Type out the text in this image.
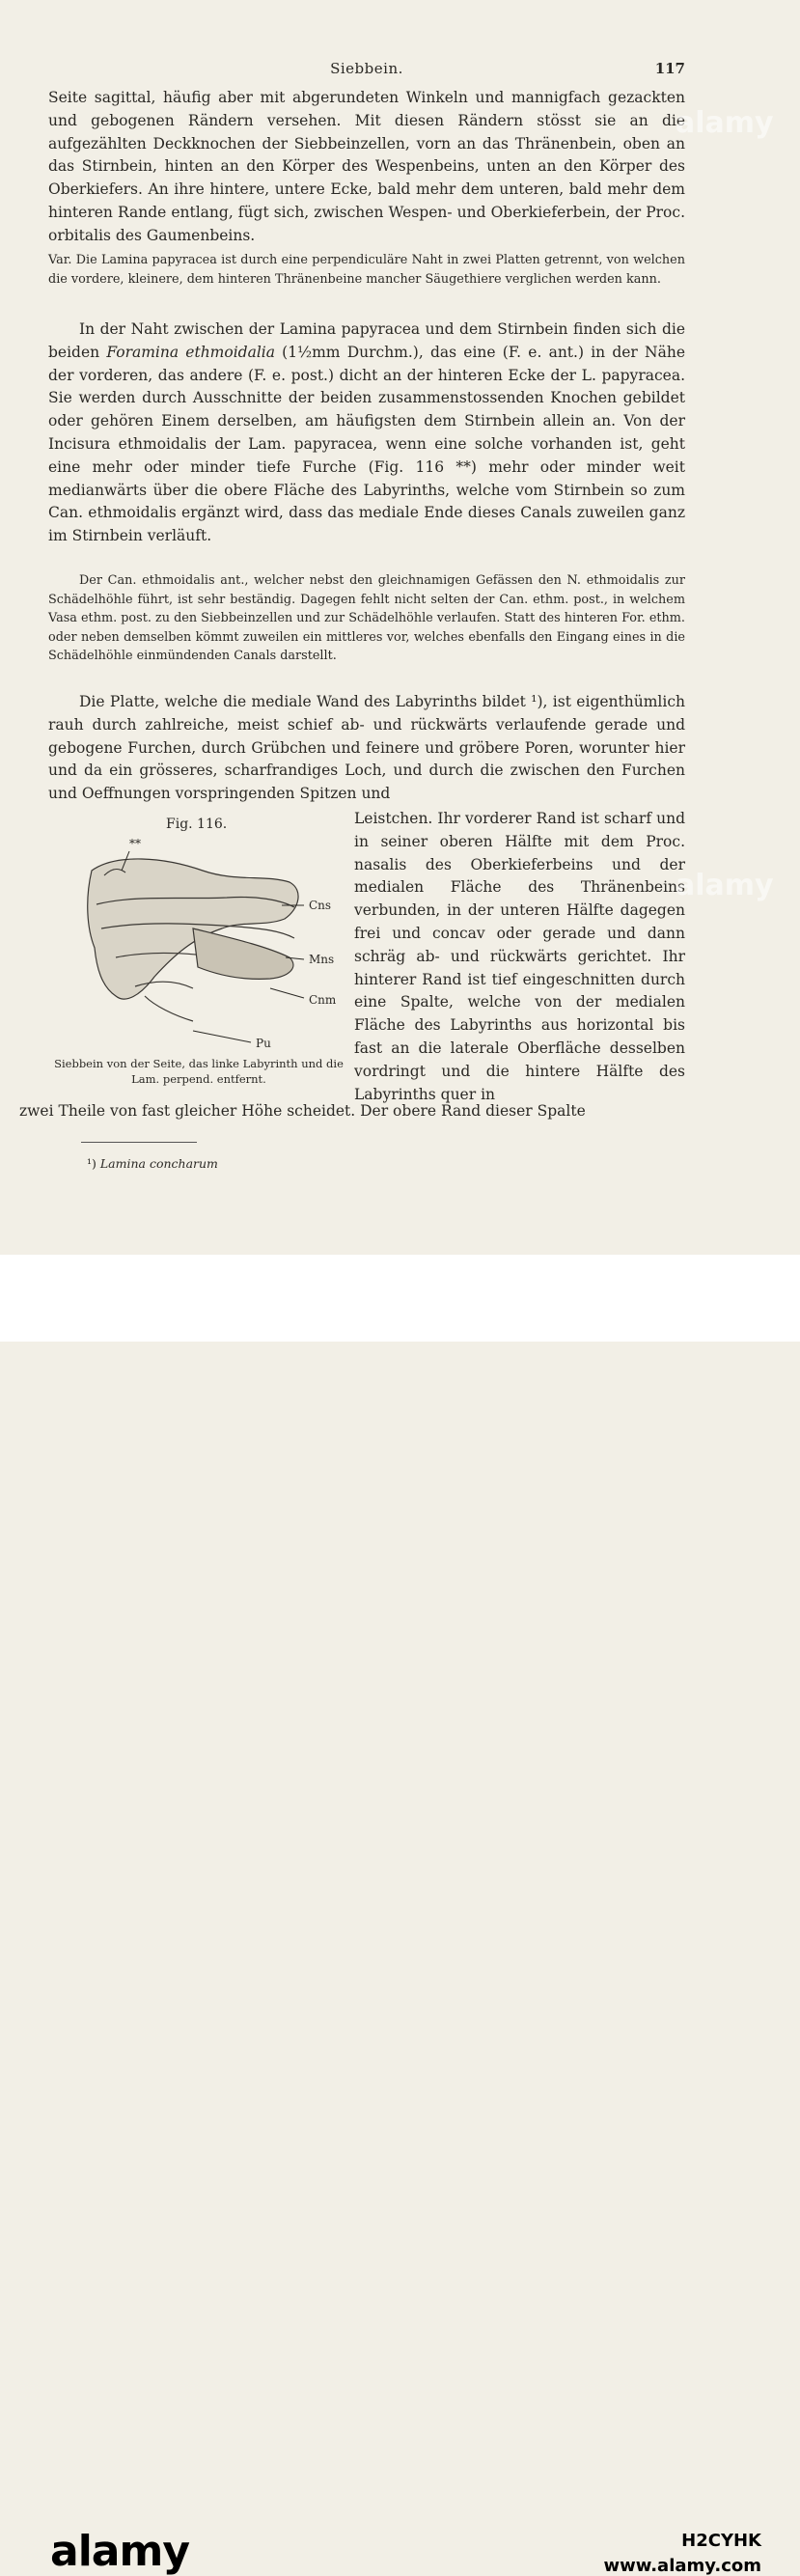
Siebbein.	117
Seite sagittal, häufig aber mit abgerundeten Winkeln und mannigfach gezackten und gebogenen Rändern versehen. Mit diesen Rändern stösst sie an die aufgezählten Deckknochen der Siebbeinzellen, vorn an das Thränenbein, oben an das Stirnbein, hinten an den Körper des Wespenbeins, unten an den Körper des Oberkiefers. An ihre hintere, untere Ecke, bald mehr dem unteren, bald mehr dem hinteren Rande entlang, fügt sich, zwischen Wespen- und Oberkieferbein, der Proc. orbitalis des Gaumenbeins.
Var. Die Lamina papyracea ist durch eine perpendiculäre Naht in zwei Platten getrennt, von welchen die vordere, kleinere, dem hinteren Thränenbeine mancher Säugethiere verglichen werden kann.
In der Naht zwischen der Lamina papyracea und dem Stirnbein finden sich die beiden Foramina ethmoidalia (1½mm Durchm.), das eine (F. e. ant.) in der Nähe der vorderen, das andere (F. e. post.) dicht an der hinteren Ecke der L. papyracea. Sie werden durch Ausschnitte der beiden zusammenstossenden Knochen gebildet oder gehören Einem derselben, am häufigsten dem Stirnbein allein an. Von der Incisura ethmoidalis der Lam. papyracea, wenn eine solche vorhanden ist, geht eine mehr oder minder tiefe Furche (Fig. 116 **) mehr oder minder weit medianwärts über die obere Fläche des Labyrinths, welche vom Stirnbein so zum Can. ethmoidalis ergänzt wird, dass das mediale Ende dieses Canals zuweilen ganz im Stirnbein verläuft.
Der Can. ethmoidalis ant., welcher nebst den gleichnamigen Gefässen den N. ethmoidalis zur Schädelhöhle führt, ist sehr beständig. Dagegen fehlt nicht selten der Can. ethm. post., in welchem Vasa ethm. post. zu den Siebbeinzellen und zur Schädelhöhle verlaufen. Statt des hinteren For. ethm. oder neben demselben kömmt zuweilen ein mittleres vor, welches ebenfalls den Eingang eines in die Schädelhöhle einmündenden Canals darstellt.
Die Platte, welche die mediale Wand des Labyrinths bildet ¹), ist eigenthümlich rauh durch zahlreiche, meist schief ab- und rückwärts verlaufende gerade und gebogene Furchen, durch Grübchen und feinere und gröbere Poren, worunter hier und da ein grösseres, scharfrandiges Loch, und durch die zwischen den Furchen und Oeffnungen vorspringenden Spitzen und
Fig. 116.
Cns
Mns
Cnm
Pu
**
Siebbein von der Seite, das linke Labyrinth und die Lam. perpend. entfernt.
Leistchen. Ihr vorderer Rand ist scharf und in seiner oberen Hälfte mit dem Proc. nasalis des Oberkieferbeins und der medialen Fläche des Thränenbeins verbunden, in der unteren Hälfte dagegen frei und concav oder gerade und dann schräg ab- und rückwärts gerichtet. Ihr hinterer Rand ist tief eingeschnitten durch eine Spalte, welche von der medialen Fläche des Labyrinths aus horizontal bis fast an die laterale Oberfläche desselben vordringt und die hintere Hälfte des Labyrinths quer in
zwei Theile von fast gleicher Höhe scheidet. Der obere Rand dieser Spalte
¹) Lamina concharum
alamy
alamy
alamy	H2CYHK
www.alamy.com
